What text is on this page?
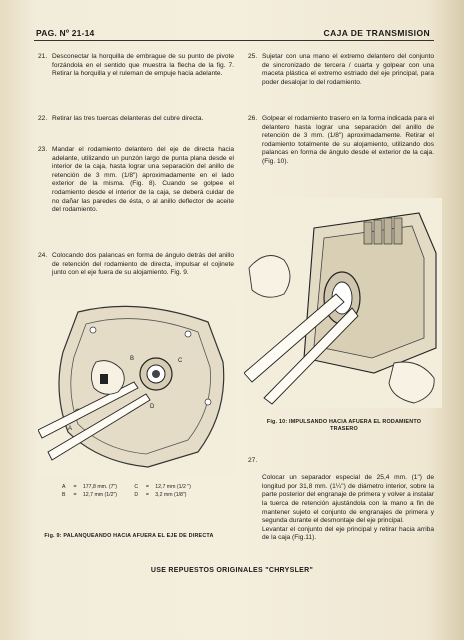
PAG. Nº 21-14	CAJA DE TRANSMISION
21. Desconectar la horquilla de embrague de su punto de pivote forzándola en el sentido que muestra la flecha de la fig. 7. Retirar la horquilla y el ruleman de empuje hacia adelante.
22. Retirar las tres tuercas delanteras del cubre directa.
23. Mandar el rodamiento delantero del eje de directa hacia adelante, utilizando un punzón largo de punta plana desde el interior de la caja, hasta lograr una separación del anillo de retención de 3 mm. (1/8") aproximadamente en el lado exterior de la misma. (Fig. 8). Cuando se golpee el rodamiento desde el interior de la caja, se deberá cuidar de no dañar las paredes de ésta, o al anillo deflector de aceite del rodamiento.
24. Colocando dos palancas en forma de ángulo detrás del anillo de retención del rodamiento de directa, impulsar el cojinete junto con el eje fuera de su alojamiento. Fig. 9.
A
B	C
D
A = 177,8 mm. (7")	C = 12,7 mm (1/2 ")
B = 12,7 mm (1/2")	D = 3,2 mm (1/8")
Fig. 9: PALANQUEANDO HACIA AFUERA EL EJE DE DIRECTA
25. Sujetar con una mano el extremo delantero del conjunto de sincronizado de tercera / cuarta y golpear con una maceta plástica el extremo estriado del eje principal, para poder desalojar lo del rodamiento.
26. Golpear el rodamiento trasero en la forma indicada para el delantero hasta lograr una separación del anillo de retención de 3 mm. (1/8") aproximadamente. Retirar el rodamiento totalmente de su alojamiento, utilizando dos palancas en forma de ángulo desde el exterior de la caja. (Fig. 10).
Fig. 10: IMPULSANDO HACIA AFUERA EL RODAMIENTO TRASERO

27.

Colocar un separador especial de 25,4 mm. (1") de longitud por 31,8 mm. (1¼") de diámetro interior, sobre la parte posterior del engranaje de primera y volver a instalar la tuerca de retención ajustándola con la mano a fin de mantener sujeto el conjunto de engranajes de primera y segunda durante el desmontaje del eje principal.
Levantar el conjunto del eje principal y retirar hacia arriba de la caja (Fig.11).

USE REPUESTOS ORIGINALES "CHRYSLER"
